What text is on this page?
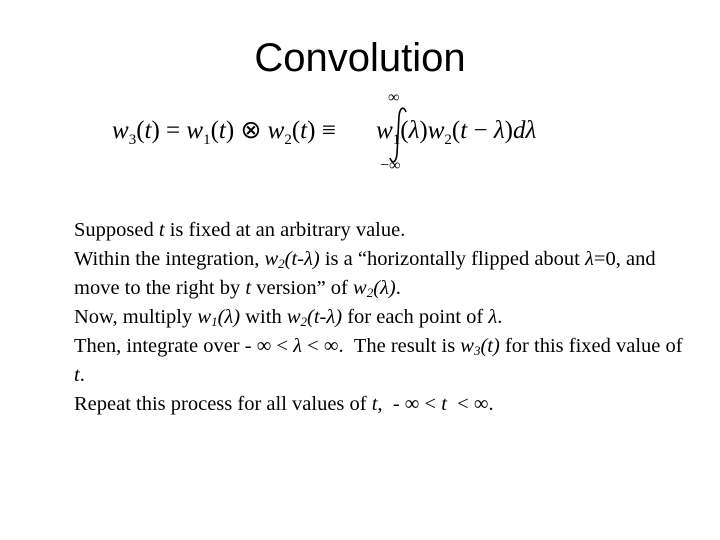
Convolution
∞
−∞
$w_3(t) = w_1(t)$ ⊗ $w_2(t) \equiv w_1(\lambda)w_2(t - \lambda)d\lambda$

Supposed t is fixed at an arbitrary value.

Within the integration, $w_2(t-\lambda)$ is a “horizontally flipped about λ=0, and move to the right by t version” of $w_2(\lambda)$.

Now, multiply $w_1(\lambda)$ with $w_2(t-\lambda)$ for each point of λ.

Then, integrate over - ∞ < λ < ∞.  The result is $w_3(t)$ for this fixed value of t.

Repeat this process for all values of t,  - ∞ < t  < ∞.
